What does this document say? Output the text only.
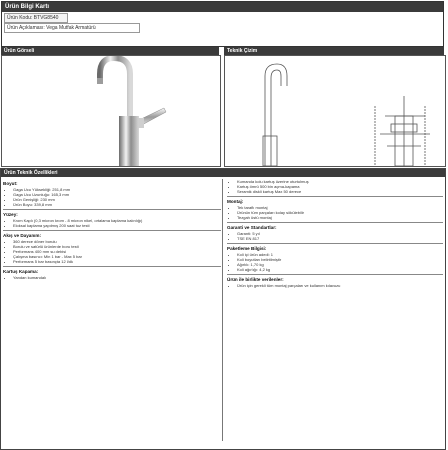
Ürün Bilgi Kartı
Ürün Kodu: BTVG8540
Ürün Açıklaması: Vega Mutfak Armatürü
Ürün Görseli	Teknik Çizim
Ürün Teknik Özellikleri
Boyut:
• Gaga Ucu Yüksekliği: 251,8 mm
• Gaga Ucu Uzunluğu: 165,3 mm
• Ürün Genişliği: 230 mm
• Ürün Boyu: 339,8 mm
Yüzey:
• Krom Kaplı (0,3 micron krom - 8 micron nikel, ortalama kaplama kalınlığı)
• Eloksal kaplama yapılmış 200 saat tuz testi
Akış ve Dayanım:
• 360 derece döner borulu
• Borulu ve satürlü ürünlerde boru testi
• Performans 400 mm su debisi
• Çalışma basıncı: Min 1 bar - Max 5 bar
• Performans 5 bar basınçta 12 l/dk
Kartuş Kapama:
• Yandan kumandalı
• Kumanda kolu kartuş üzerine oturtulmuş
• Kartuş ömrü 500 bin açma-kapama
• Seramik diskli kartuş Max 50 derece
Montaj:
• Tek taraflı montaj
• Ürünün tüm parçaları kolay sökülebilir
• Tezgah üstü montaj
Garanti ve Standartlar:
• Garanti: 5 yıl
• TSE EN 817
Paketleme Bilgisi:
• Koli içi ürün adedi: 1
• Koli boyutları belirtilmiştir
• Ağırlık: 1,70 kg
• Koli ağırlığı: 4,2 kg
Ürün ile birlikte verilenler:
• Ürün için gerekli tüm montaj parçaları ve kullanım kılavuzu
